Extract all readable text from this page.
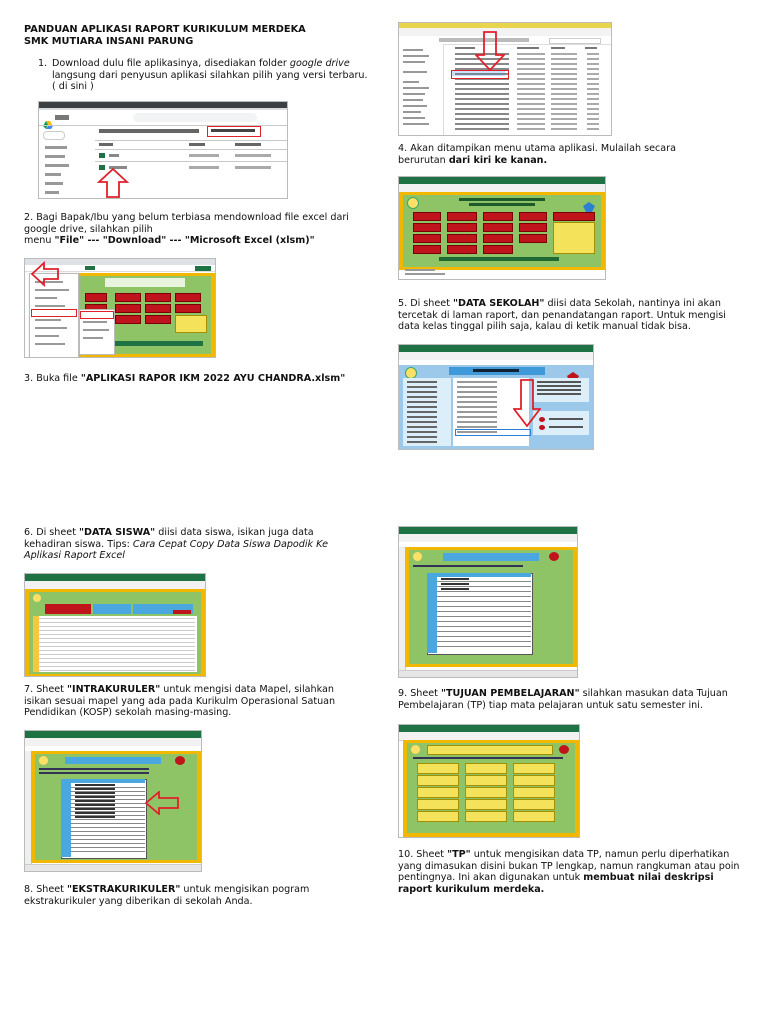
PANDUAN APLIKASI RAPORT KURIKULUM MERDEKA
SMK MUTIARA INSANI PARUNG
1. Download dulu file aplikasinya, disediakan folder google drive langsung dari penyusun aplikasi silahkan pilih yang versi terbaru. ( di sini )
2. Bagi Bapak/Ibu yang belum terbiasa mendownload file excel dari google drive, silahkan pilih
menu "File" --- "Download" --- "Microsoft Excel (xlsm)"
3. Buka file "APLIKASI RAPOR IKM 2022 AYU CHANDRA.xlsm"
4. Akan ditampikan menu utama aplikasi. Mulailah secara berurutan dari kiri ke kanan.
5. Di sheet "DATA SEKOLAH" diisi data Sekolah, nantinya ini akan tercetak di laman raport, dan penandatangan raport. Untuk mengisi data kelas tinggal pilih saja, kalau di ketik manual tidak bisa.
6. Di sheet "DATA SISWA" diisi data siswa, isikan juga data kehadiran siswa. Tips: Cara Cepat Copy Data Siswa Dapodik Ke Aplikasi Raport Excel
7. Sheet "INTRAKURULER" untuk mengisi data Mapel, silahkan isikan sesuai mapel yang ada pada Kurikulm Operasional Satuan Pendidikan (KOSP) sekolah masing-masing.
8. Sheet "EKSTRAKURIKULER" untuk mengisikan pogram ekstrakurikuler yang diberikan di sekolah Anda.
9. Sheet "TUJUAN PEMBELAJARAN" silahkan masukan data Tujuan Pembelajaran (TP) tiap mata pelajaran untuk satu semester ini.
10. Sheet "TP" untuk mengisikan data TP, namun perlu diperhatikan yang dimasukan disini bukan TP lengkap, namun rangkuman atau poin pentingnya. Ini akan digunakan untuk membuat nilai deskripsi raport kurikulum merdeka.
